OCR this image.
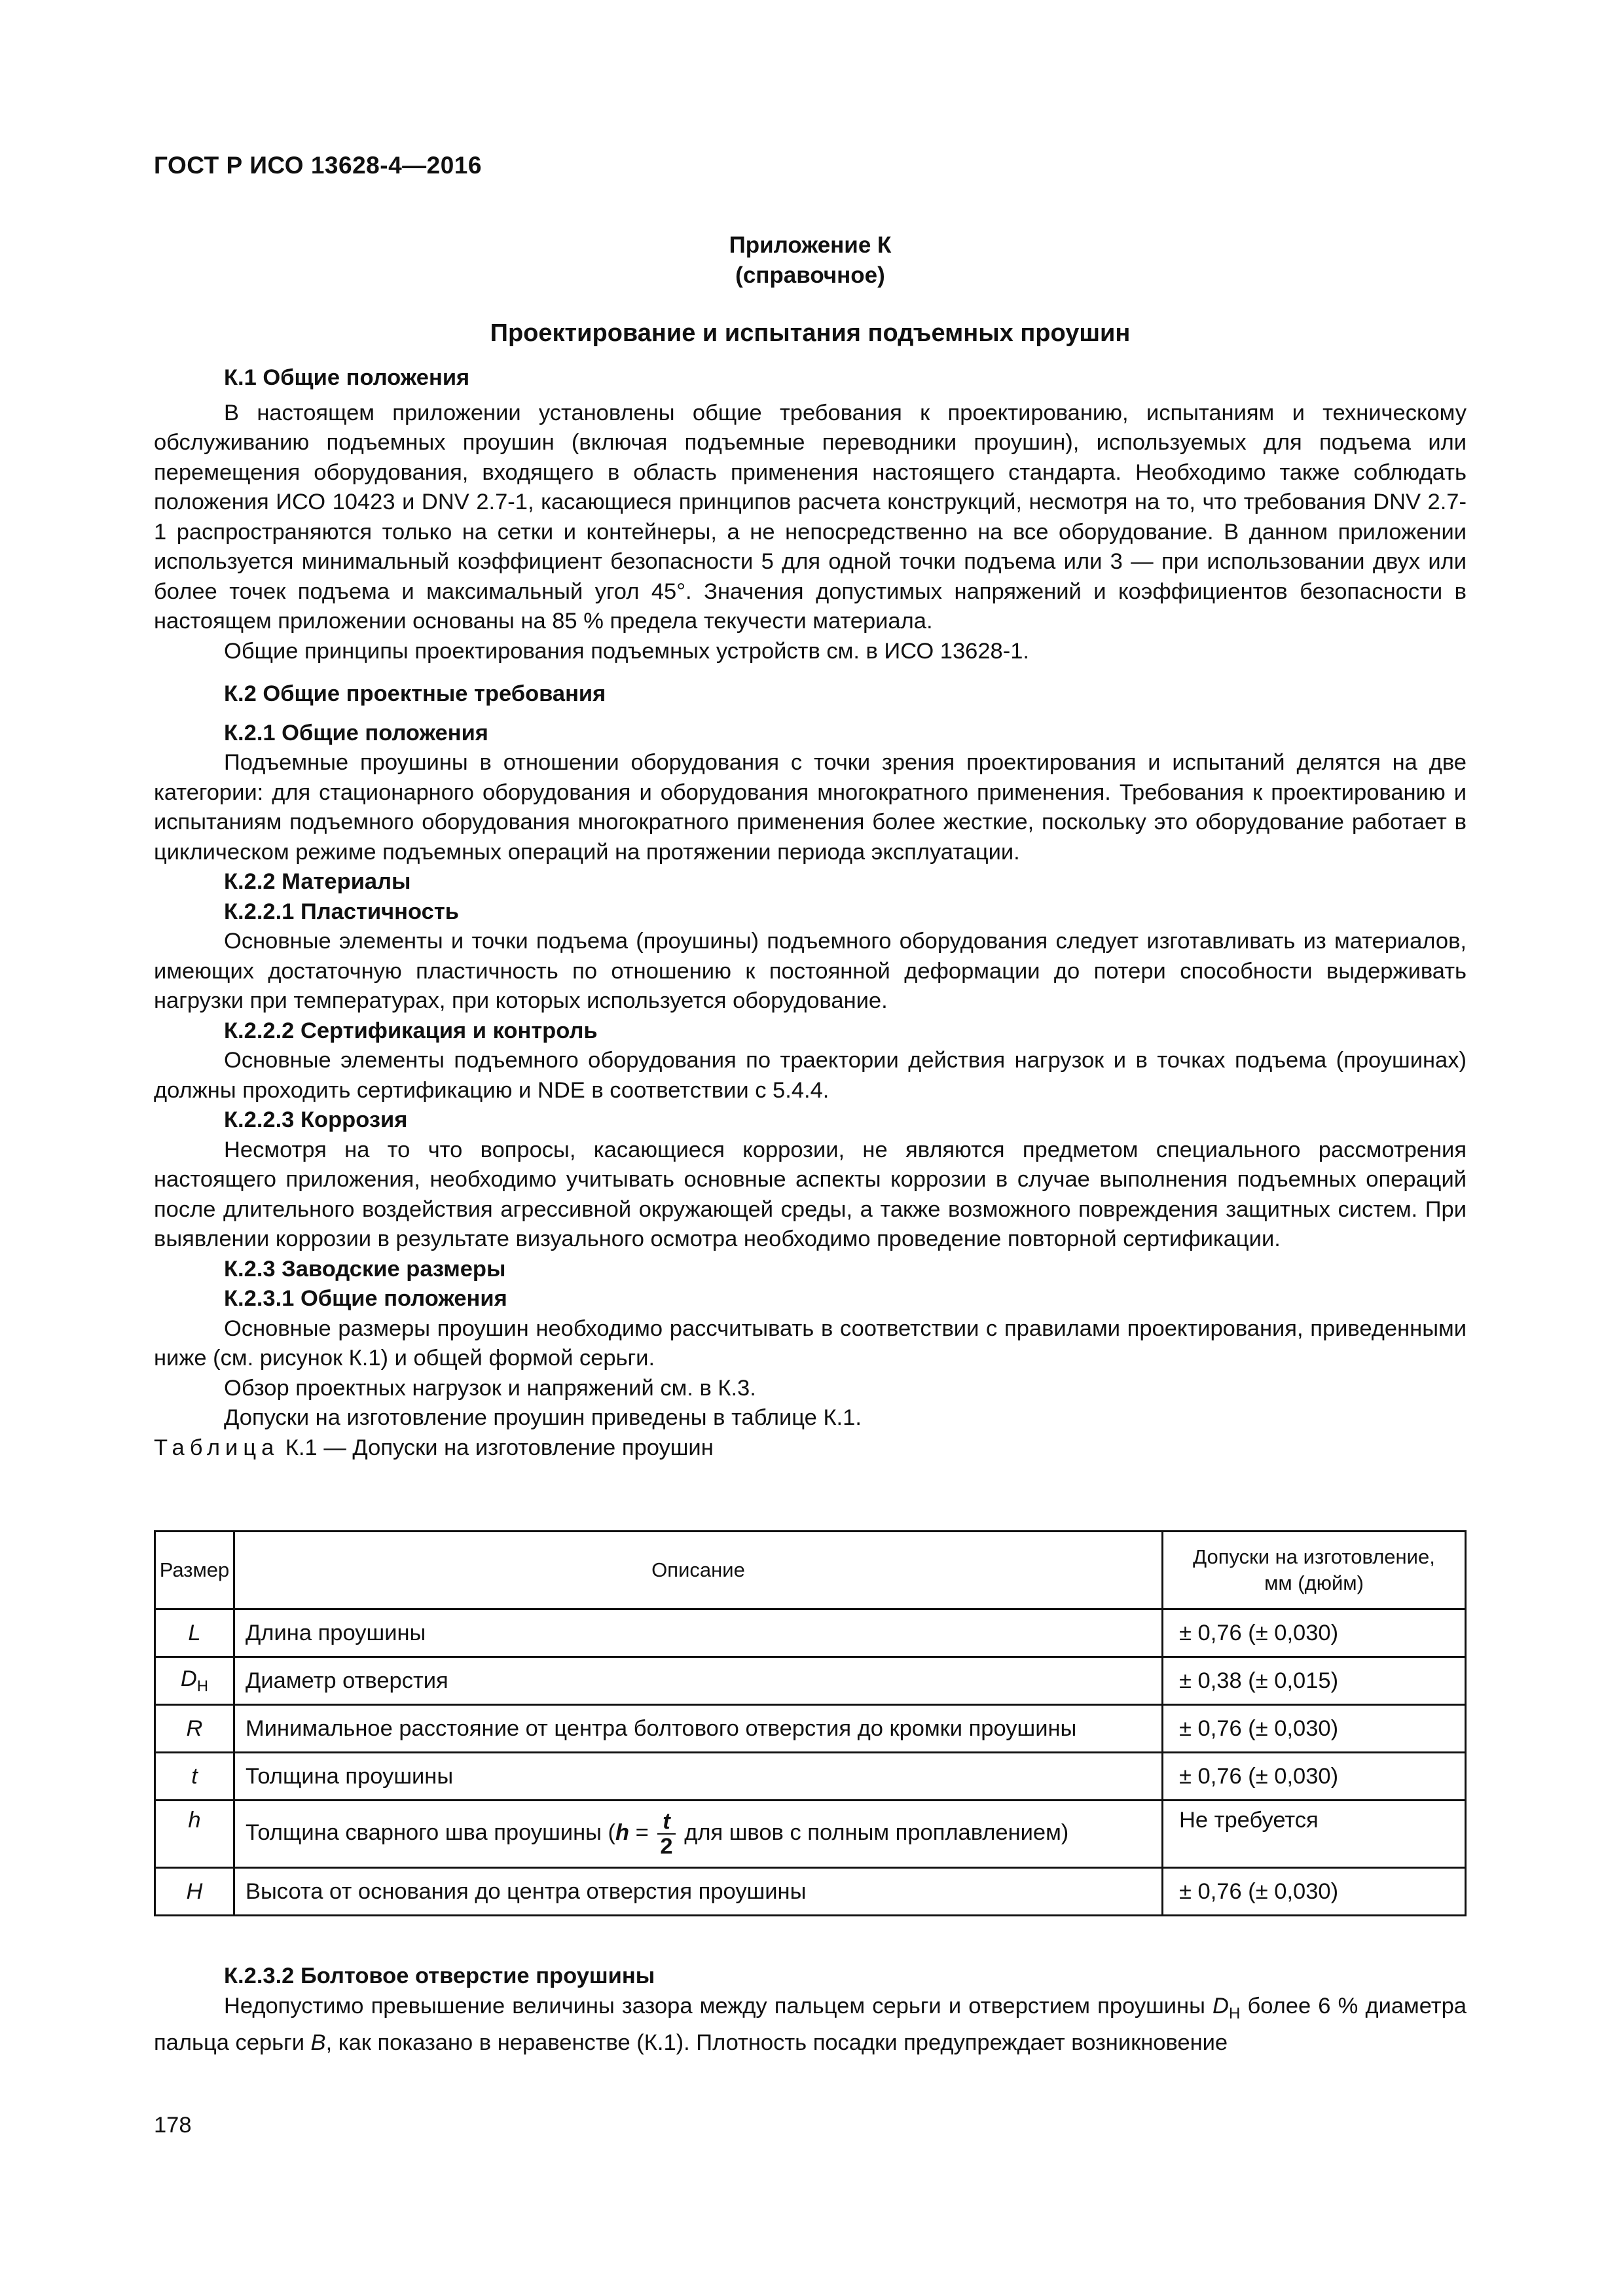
ГОСТ Р ИСО 13628-4—2016
Приложение К
(справочное)
Проектирование и испытания подъемных проушин
К.1 Общие положения

В настоящем приложении установлены общие требования к проектированию, испытаниям и техническому обслуживанию подъемных проушин (включая подъемные переводники проушин), используемых для подъема или перемещения оборудования, входящего в область применения настоящего стандарта. Необходимо также соблюдать положения ИСО 10423 и DNV 2.7-1, касающиеся принципов расчета конструкций, несмотря на то, что требования DNV 2.7-1 распространяются только на сетки и контейнеры, а не непосредственно на все оборудование. В данном приложении используется минимальный коэффициент безопасности 5 для одной точки подъема или 3 — при использовании двух или более точек подъема и максимальный угол 45°. Значения допустимых напряжений и коэффициентов безопасности в настоящем приложении основаны на 85 % предела текучести материала.

Общие принципы проектирования подъемных устройств см. в ИСО 13628-1.

К.2 Общие проектные требования
К.2.1 Общие положения

Подъемные проушины в отношении оборудования с точки зрения проектирования и испытаний делятся на две категории: для стационарного оборудования и оборудования многократного применения. Требования к проектированию и испытаниям подъемного оборудования многократного применения более жесткие, поскольку это оборудование работает в циклическом режиме подъемных операций на протяжении периода эксплуатации.

К.2.2 Материалы
К.2.2.1 Пластичность

Основные элементы и точки подъема (проушины) подъемного оборудования следует изготавливать из материалов, имеющих достаточную пластичность по отношению к постоянной деформации до потери способности выдерживать нагрузки при температурах, при которых используется оборудование.

К.2.2.2 Сертификация и контроль

Основные элементы подъемного оборудования по траектории действия нагрузок и в точках подъема (проушинах) должны проходить сертификацию и NDE в соответствии с 5.4.4.

К.2.2.3 Коррозия

Несмотря на то что вопросы, касающиеся коррозии, не являются предметом специального рассмотрения настоящего приложения, необходимо учитывать основные аспекты коррозии в случае выполнения подъемных операций после длительного воздействия агрессивной окружающей среды, а также возможного повреждения защитных систем. При выявлении коррозии в результате визуального осмотра необходимо проведение повторной сертификации.

К.2.3 Заводские размеры
К.2.3.1 Общие положения

Основные размеры проушин необходимо рассчитывать в соответствии с правилами проектирования, приведенными ниже (см. рисунок К.1) и общей формой серьги.

Обзор проектных нагрузок и напряжений см. в К.3.

Допуски на изготовление проушин приведены в таблице К.1.

Таблица К.1 — Допуски на изготовление проушин

Размер	Описание	Допуски на изготовление,
мм (дюйм)
L	Длина проушины	± 0,76 (± 0,030)
$D_H$	Диаметр отверстия	± 0,38 (± 0,015)
R	Минимальное расстояние от центра болтового отверстия до кромки проушины	± 0,76 (± 0,030)
t	Толщина проушины	± 0,76 (± 0,030)
h	Толщина сварного шва проушины ($h = \frac{t}{2}$ для швов с полным проплавлением)	Не требуется
H	Высота от основания до центра отверстия проушины	± 0,76 (± 0,030)
К.2.3.2 Болтовое отверстие проушины

Недопустимо превышение величины зазора между пальцем серьги и отверстием проушины $D_H$ более 6 % диаметра пальца серьги B, как показано в неравенстве (К.1). Плотность посадки предупреждает возникновение

178
